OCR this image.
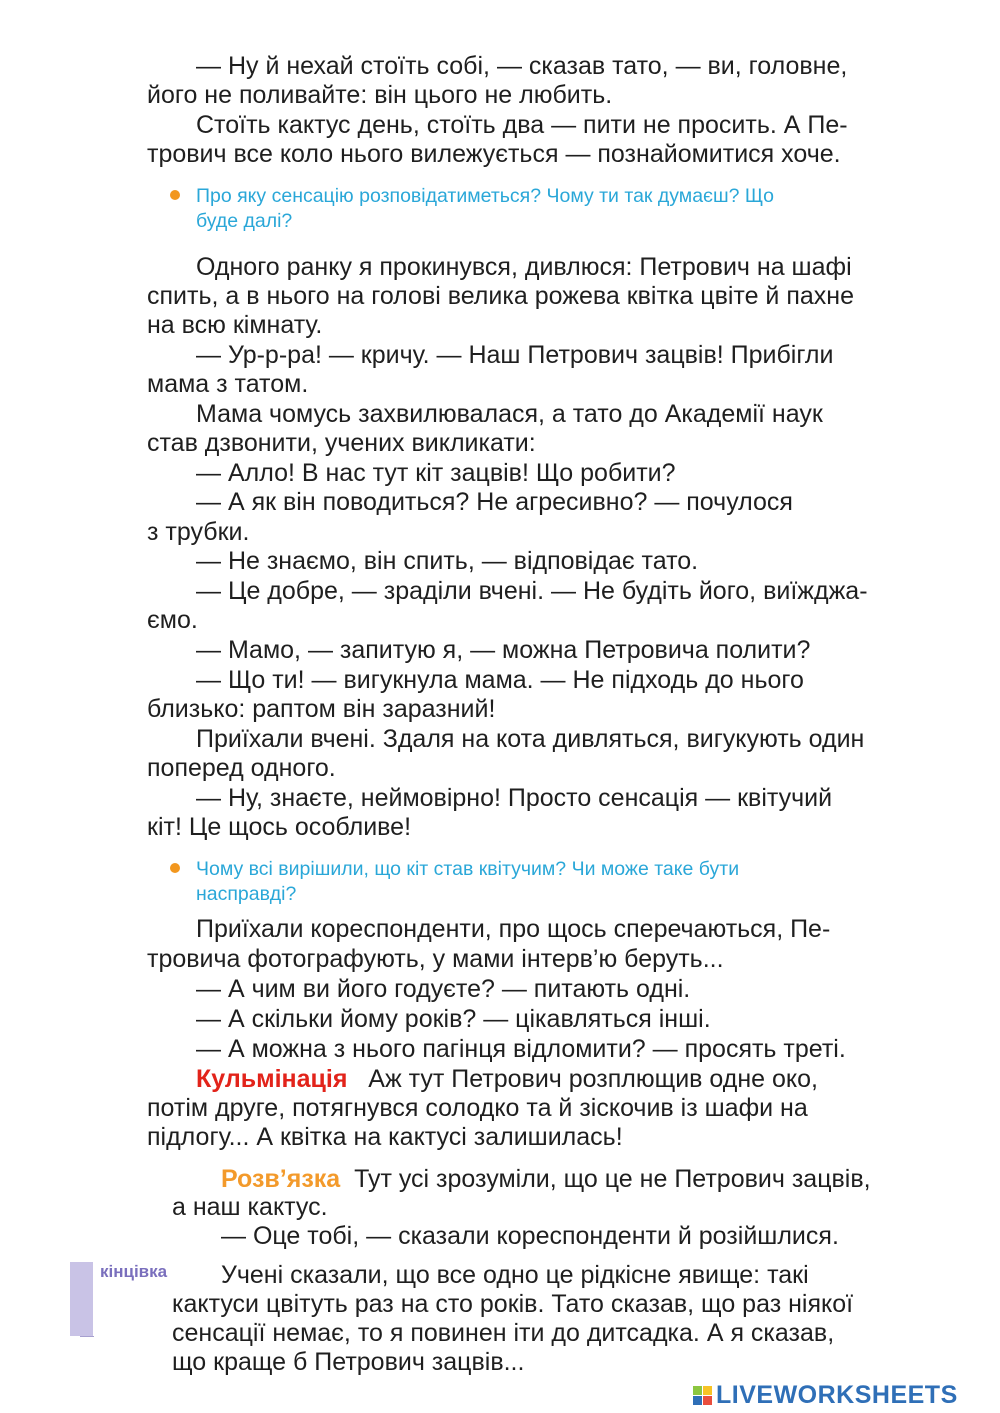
— Ну й нехай стоїть собі, — сказав тато, — ви, головне,

його не поливайте: він цього не любить.

Стоїть кактус день, стоїть два — пити не просить. А Пе-

трович все коло нього вилежується — познайомитися хоче.

Про яку сенсацію розповідатиметься? Чому ти так думаєш? Що
буде далі?

Одного ранку я прокинувся, дивлюся: Петрович на шафі

спить, а в нього на голові велика рожева квітка цвіте й пахне

на всю кімнату.

— Ур-р-ра! — кричу. — Наш Петрович зацвів! Прибігли

мама з татом.

Мама чомусь захвилювалася, а тато до Академії наук

став дзвонити, учених викликати:

— Алло! В нас тут кіт зацвів! Що робити?

— А як він поводиться? Не агресивно? — почулося

з трубки.

— Не знаємо, він спить, — відповідає тато.

— Це добре, — зраділи вчені. — Не будіть його, виїжджа-

ємо.

— Мамо, — запитую я, — можна Петровича полити?

— Що ти! — вигукнула мама. — Не підходь до нього

близько: раптом він заразний!

Приїхали вчені. Здаля на кота дивляться, вигукують один

поперед одного.

— Ну, знаєте, неймовірно! Просто сенсація — квітучий

кіт! Це щось особливе!

Чому всі вирішили, що кіт став квітучим? Чи може таке бути
насправді?

Приїхали кореспонденти, про щось сперечаються, Пе-

тровича фотографують, у мами інтерв’ю беруть...

— А чим ви його годуєте? — питають одні.

— А скільки йому років? — цікавляться інші.

— А можна з нього пагінця відломити? — просять треті.

Кульмінація Аж тут Петрович розплющив одне око,

потім друге, потягнувся солодко та й зіскочив із шафи на

підлогу... А квітка на кактусі залишилась!

Розв’язка Тут усі зрозуміли, що це не Петрович зацвів,

а наш кактус.

— Оце тобі, — сказали кореспонденти й розійшлися.

кінцівка	Учені сказали, що все одно це рідкісне явище: такі

кактуси цвітуть раз на сто років. Тато сказав, що раз ніякої

сенсації немає, то я повинен іти до дитсадка. А я сказав,

що краще б Петрович зацвів...

LIVEWORKSHEETS
